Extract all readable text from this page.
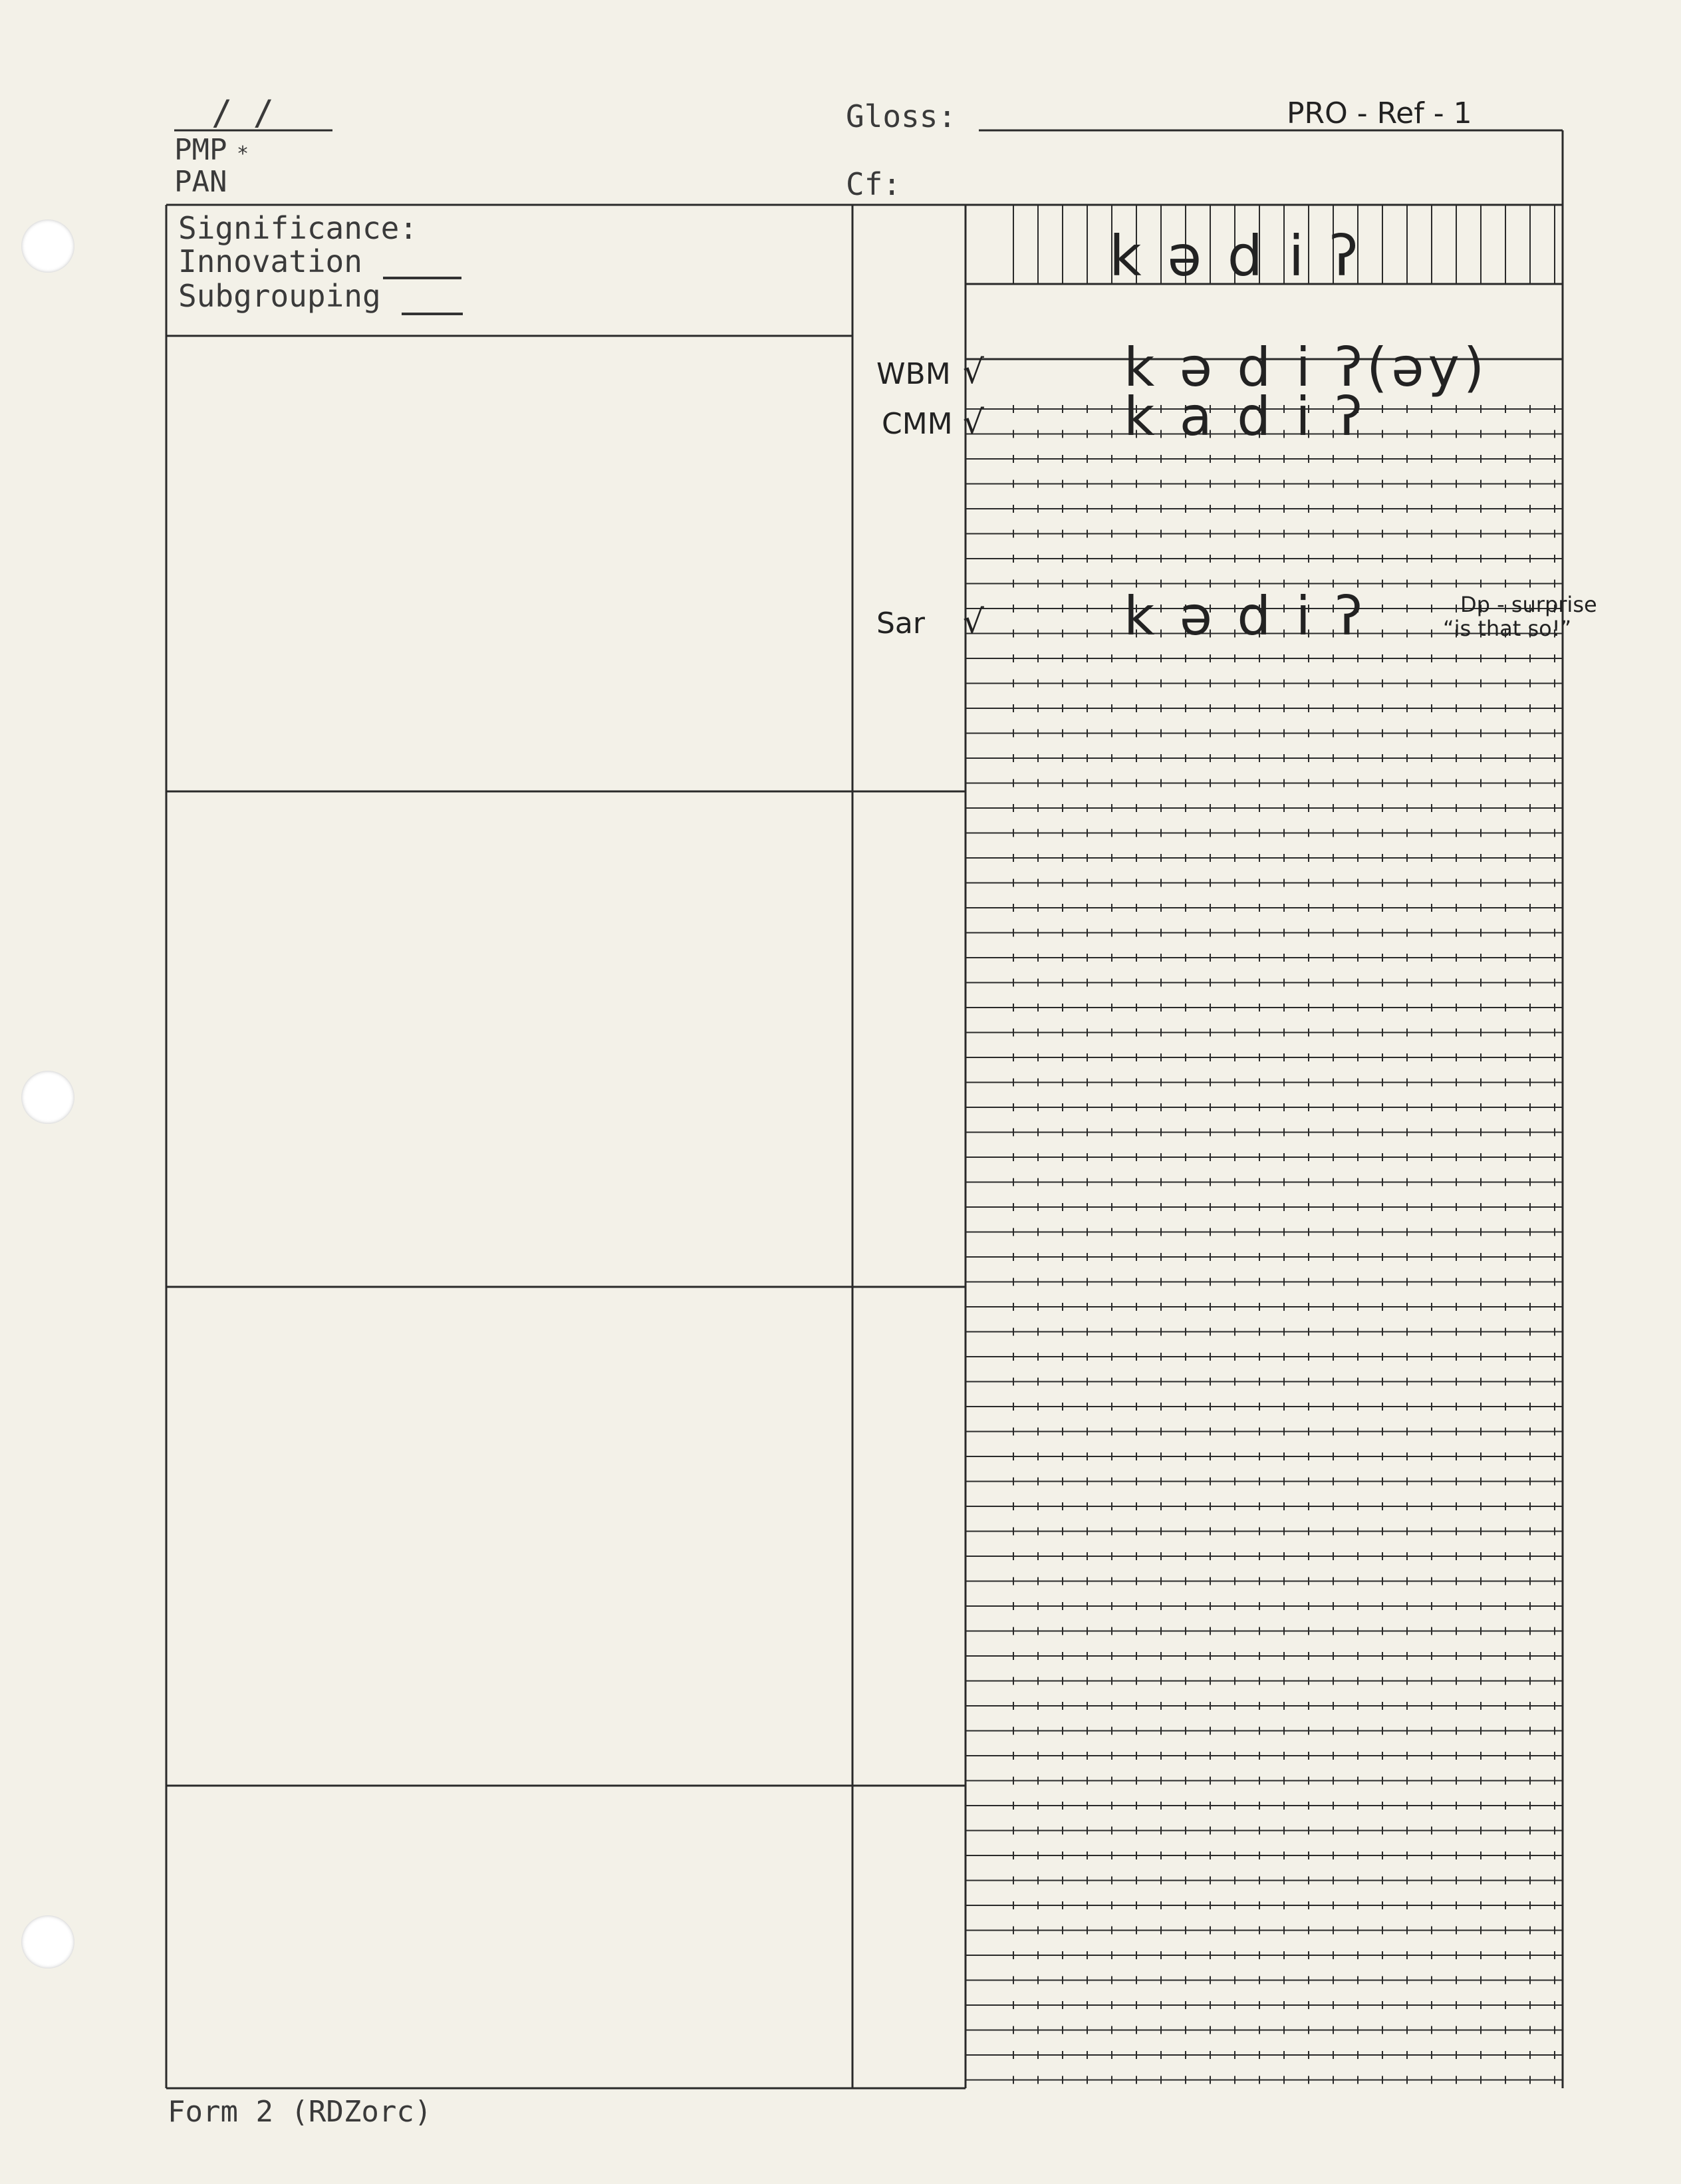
/ /
PMP *
PAN
Gloss:
Cf:
PRO - Ref - 1
Significance:
Innovation
Subgrouping
k ə d i ʔ
WBM √	k ə d i ʔ(əy)
CMM √	k a d i ʔ
Sar √	k ə d i ʔ	Dp - surprise
“is that so!”
Form 2 (RDZorc)
